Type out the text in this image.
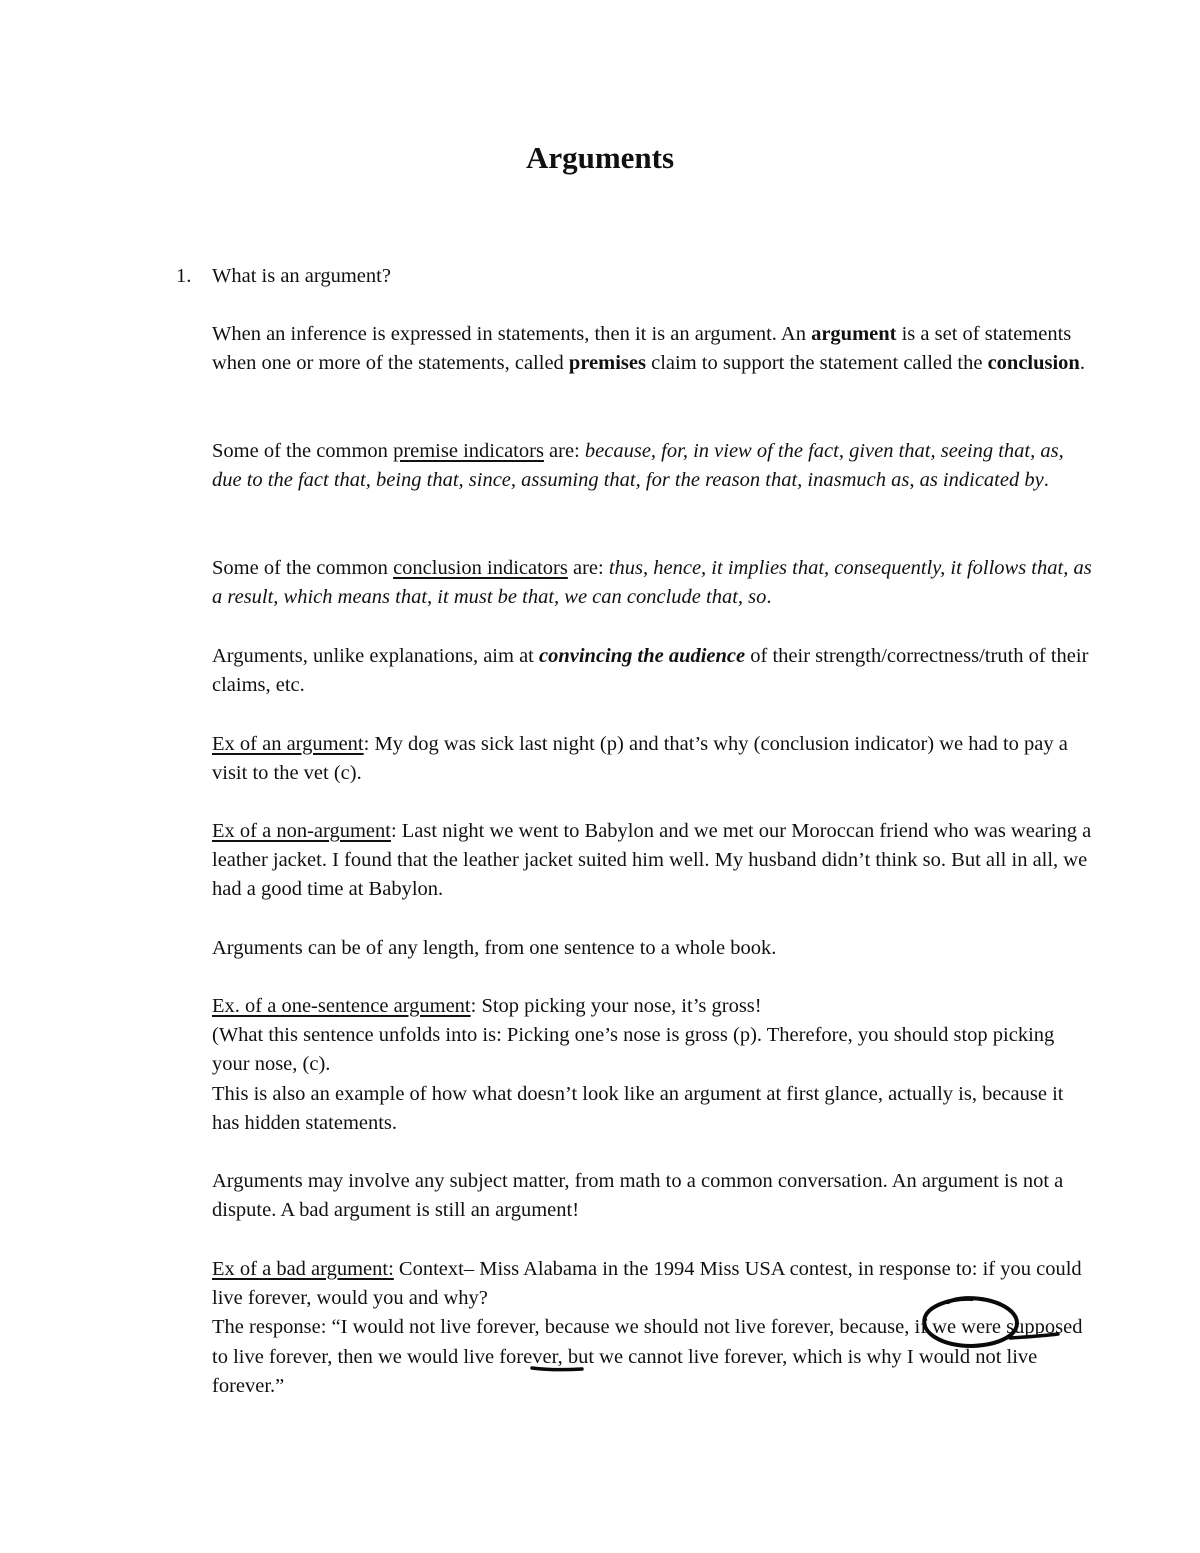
Arguments
1. What is an argument?

When an inference is expressed in statements, then it is an argument. An argument is a set of statements when one or more of the statements, called premises claim to support the statement called the conclusion.

Some of the common premise indicators are: because, for, in view of the fact, given that, seeing that, as, due to the fact that, being that, since, assuming that, for the reason that, inasmuch as, as indicated by.

Some of the common conclusion indicators are: thus, hence, it implies that, consequently, it follows that, as a result, which means that, it must be that, we can conclude that, so.

Arguments, unlike explanations, aim at convincing the audience of their strength/correctness/truth of their claims, etc.

Ex of an argument: My dog was sick last night (p) and that’s why (conclusion indicator) we had to pay a visit to the vet (c).

Ex of a non-argument: Last night we went to Babylon and we met our Moroccan friend who was wearing a leather jacket. I found that the leather jacket suited him well. My husband didn’t think so. But all in all, we had a good time at Babylon.

Arguments can be of any length, from one sentence to a whole book.

Ex. of a one-sentence argument: Stop picking your nose, it’s gross!

(What this sentence unfolds into is: Picking one’s nose is gross (p). Therefore, you should stop picking your nose, (c).

This is also an example of how what doesn’t look like an argument at first glance, actually is, because it has hidden statements.

Arguments may involve any subject matter, from math to a common conversation. An argument is not a dispute. A bad argument is still an argument!

Ex of a bad argument: Context– Miss Alabama in the 1994 Miss USA contest, in response to: if you could live forever, would you and why?

The response: “I would not live forever, because we should not live forever, because, if we were supposed to live forever, then we would live forever, but we cannot live forever, which is why I would not live forever.”
